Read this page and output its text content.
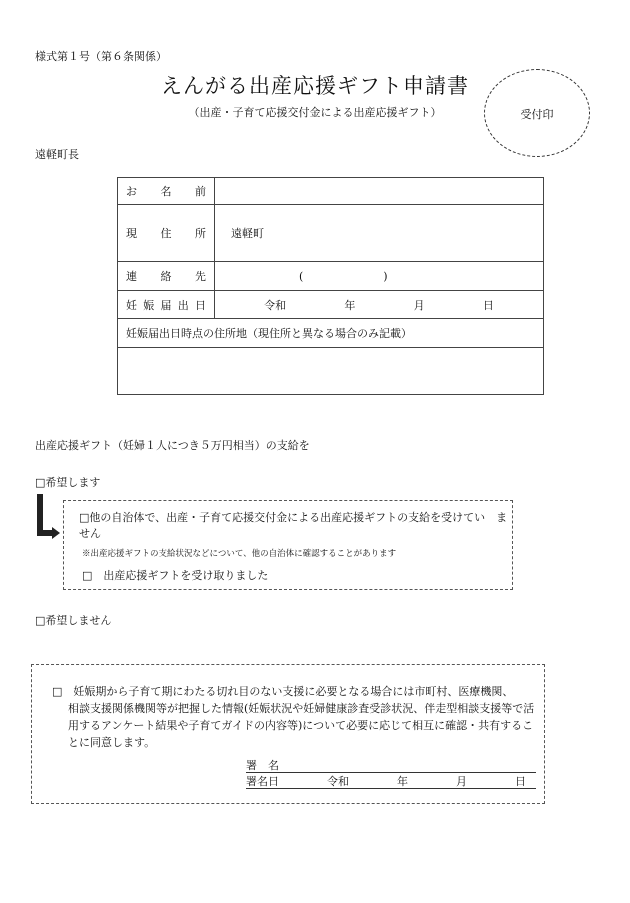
様式第１号（第６条関係）
えんがる出産応援ギフト申請書
（出産・子育て応援交付金による出産応援ギフト）	受付印
遠軽町長
お 名 前	

現 住 所	遠軽町

連 絡 先	( )

妊 娠 届 出 日	令和 年 月 日

妊娠届出日時点の住所地（現住所と異なる場合のみ記載）	

出産応援ギフト（妊婦１人につき５万円相当）の支給を
□希望します
□他の自治体で、出産・子育て応援交付金による出産応援ギフトの支給を受けてい　ません
※出産応援ギフトの支給状況などについて、他の自治体に確認することがあります
□　出産応援ギフトを受け取りました
□希望しません
□　妊娠期から子育て期にわたる切れ目のない支援に必要となる場合には市町村、医療機関、
相談支援関係機関等が把握した情報(妊娠状況や妊婦健康診査受診状況、伴走型相談支援等で活用するアンケート結果や子育てガイドの内容等)について必要に応じて相互に確認・共有することに同意します。
署　名
署名日	令和	年	月	日
